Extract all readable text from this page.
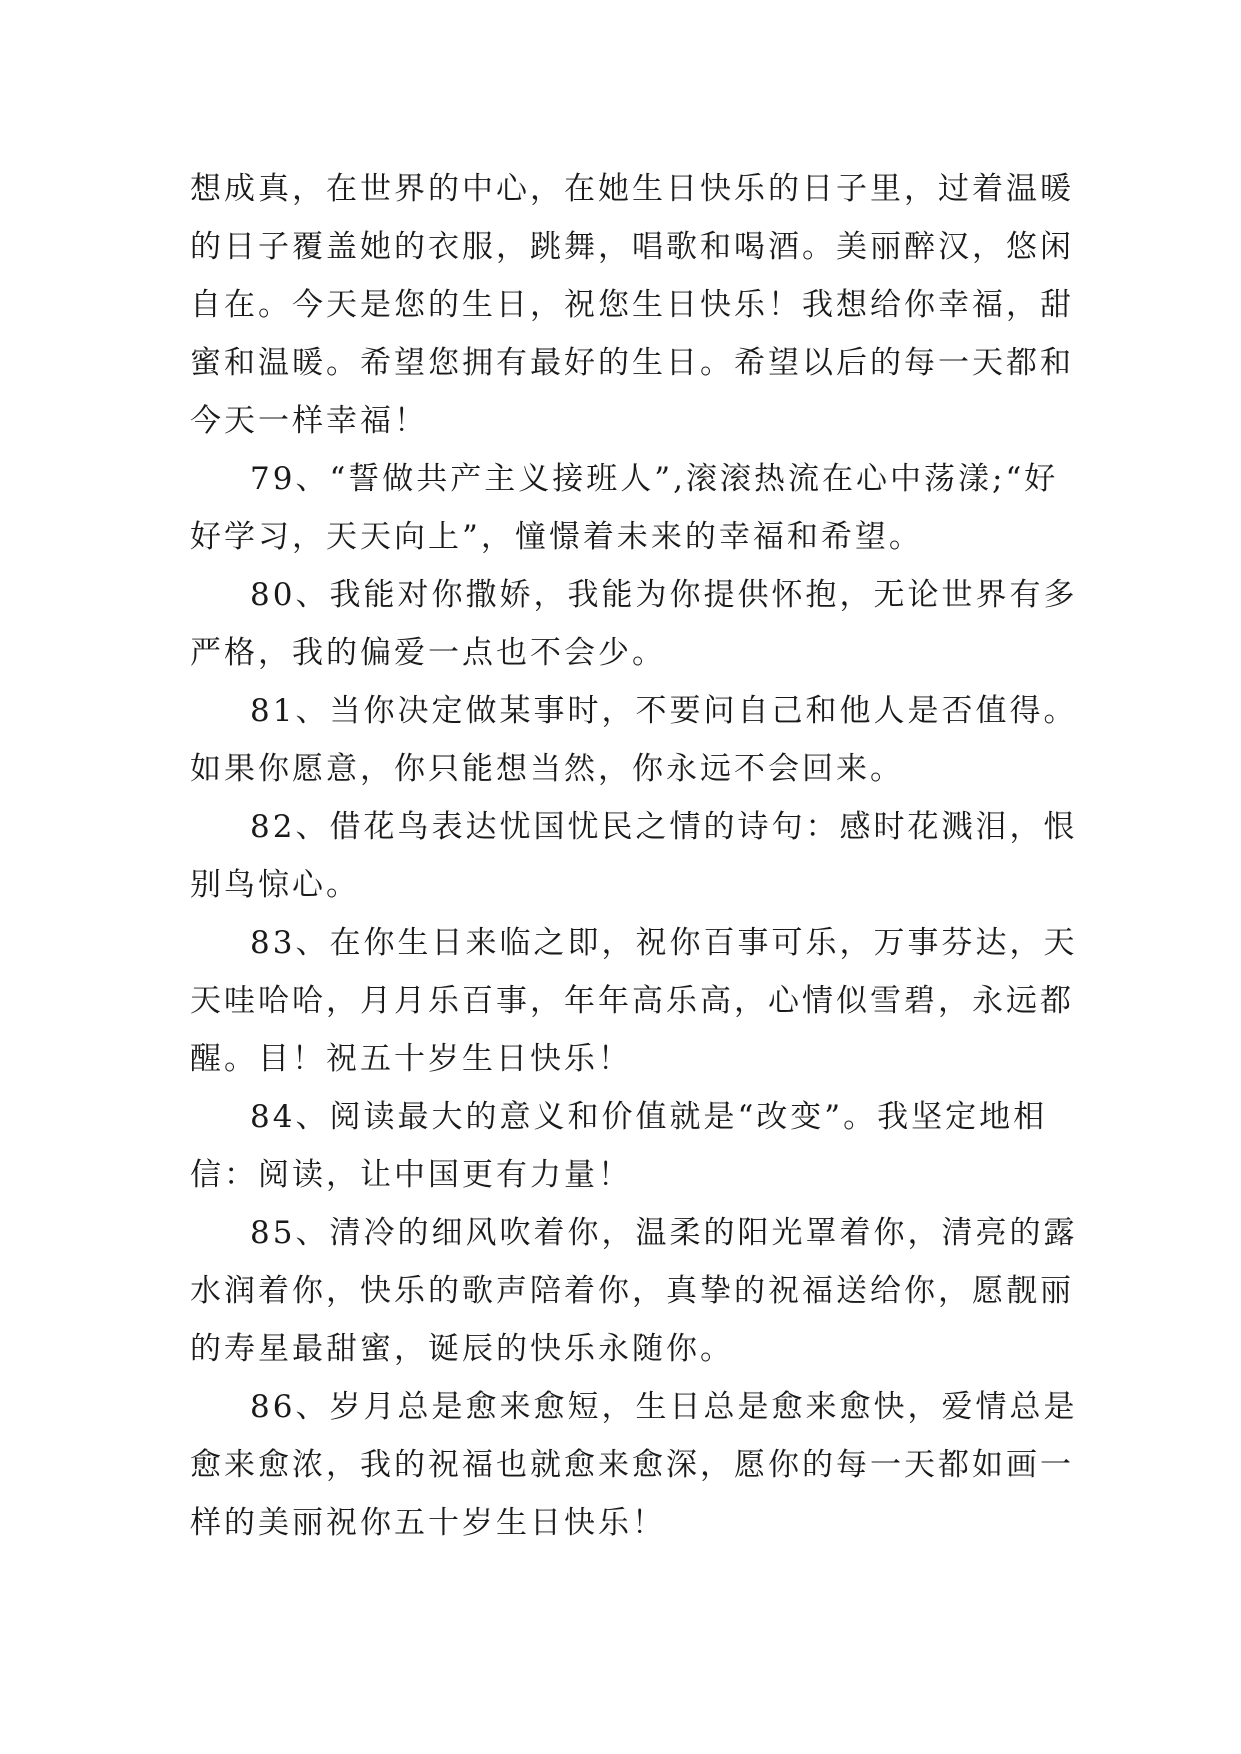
想成真，在世界的中心，在她生日快乐的日子里，过着温暖
的日子覆盖她的衣服，跳舞，唱歌和喝酒。美丽醉汉，悠闲
自在。今天是您的生日，祝您生日快乐！我想给你幸福，甜
蜜和温暖。希望您拥有最好的生日。希望以后的每一天都和
今天一样幸福！
79、“誓做共产主义接班人”,滚滚热流在心中荡漾;“好
好学习，天天向上”，憧憬着未来的幸福和希望。
80、我能对你撒娇，我能为你提供怀抱，无论世界有多
严格，我的偏爱一点也不会少。
81、当你决定做某事时，不要问自己和他人是否值得。
如果你愿意，你只能想当然，你永远不会回来。
82、借花鸟表达忧国忧民之情的诗句：感时花溅泪，恨
别鸟惊心。
83、在你生日来临之即，祝你百事可乐，万事芬达，天
天哇哈哈，月月乐百事，年年高乐高，心情似雪碧，永远都
醒。目！祝五十岁生日快乐！
84、阅读最大的意义和价值就是“改变”。我坚定地相
信：阅读，让中国更有力量！
85、清冷的细风吹着你，温柔的阳光罩着你，清亮的露
水润着你，快乐的歌声陪着你，真挚的祝福送给你，愿靓丽
的寿星最甜蜜，诞辰的快乐永随你。
86、岁月总是愈来愈短，生日总是愈来愈快，爱情总是
愈来愈浓，我的祝福也就愈来愈深，愿你的每一天都如画一
样的美丽祝你五十岁生日快乐！
